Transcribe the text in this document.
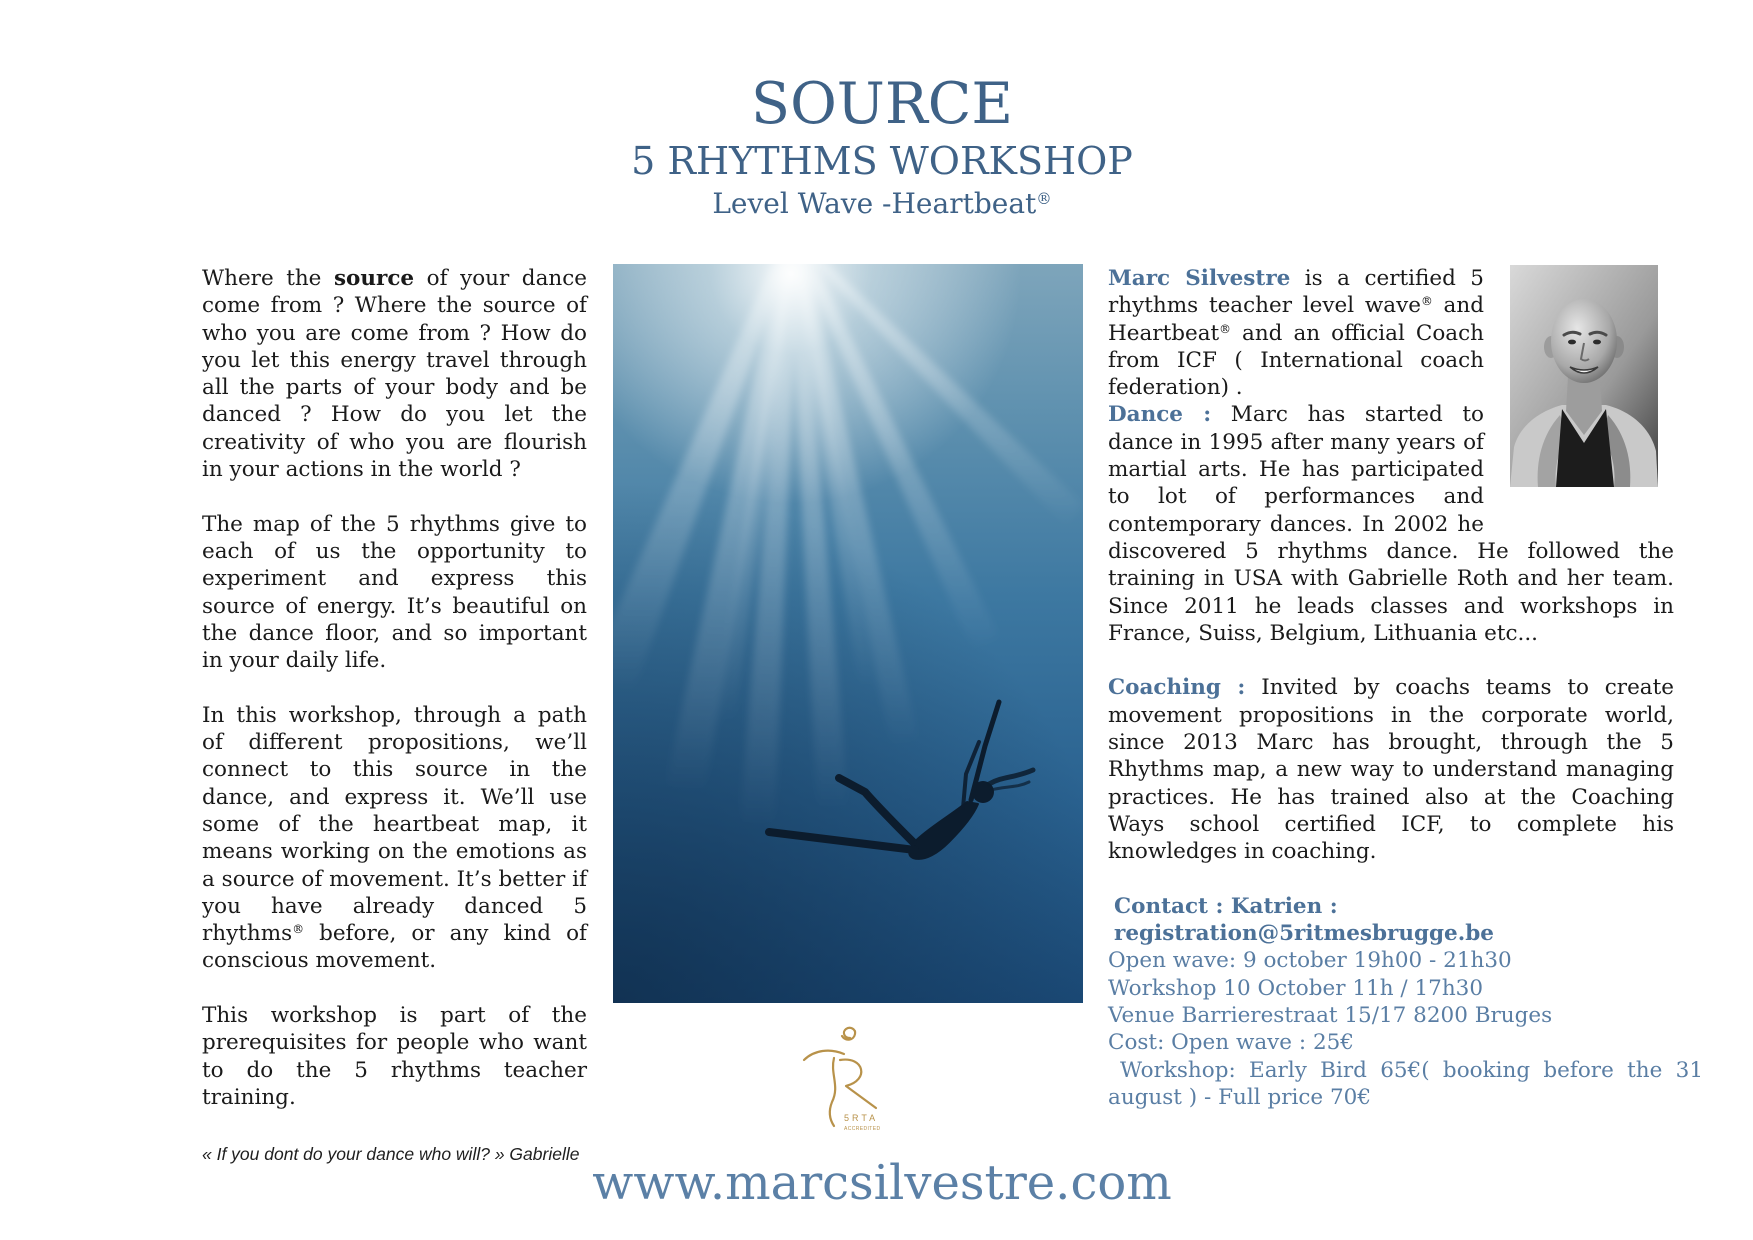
SOURCE
5 RHYTHMS WORKSHOP
Level Wave -Heartbeat®

Where the source of your dance come from ? Where the source of who you are come from ? How do you let this energy travel through all the parts of your body and be danced ? How do you let the creativity of who you are flourish in your actions in the world ?

The map of the 5 rhythms give to each of us the opportunity to experiment and express this source of energy. It’s beautiful on the dance floor, and so important in your daily life.

In this workshop, through a path of different propositions, we’ll connect to this source in the dance, and express it. We’ll use some of the heartbeat map, it means working on the emotions as a source of movement. It’s better if you have already danced 5 rhythms® before, or any kind of conscious movement.

This workshop is part of the prerequisites for people who want to do the 5 rhythms teacher training.

Marc Silvestre is a certified 5 rhythms teacher level wave® and Heartbeat® and an official Coach from ICF ( International coach federation) .

Dance : Marc has started to dance in 1995 after many years of martial arts. He has participated to lot of performances and contemporary dances. In 2002 he discovered 5 rhythms dance. He followed the training in USA with Gabrielle Roth and her team. Since 2011 he leads classes and workshops in France, Suiss, Belgium, Lithuania etc...

Coaching : Invited by coachs teams to create movement propositions in the corporate world, since 2013 Marc has brought, through the 5 Rhythms map, a new way to understand managing practices. He has trained also at the Coaching Ways school certified ICF, to complete his knowledges in coaching.

Contact : Katrien : registration@5ritmesbrugge.be

Open wave: 9 october 19h00 - 21h30

Workshop 10 October 11h / 17h30

Venue Barrierestraat 15/17 8200 Bruges

Cost: Open wave : 25€

Workshop: Early Bird 65€( booking before the 31 august ) - Full price 70€

5RTA
ACCREDITED
« If you dont do your dance who will? » Gabrielle
www.marcsilvestre.com
